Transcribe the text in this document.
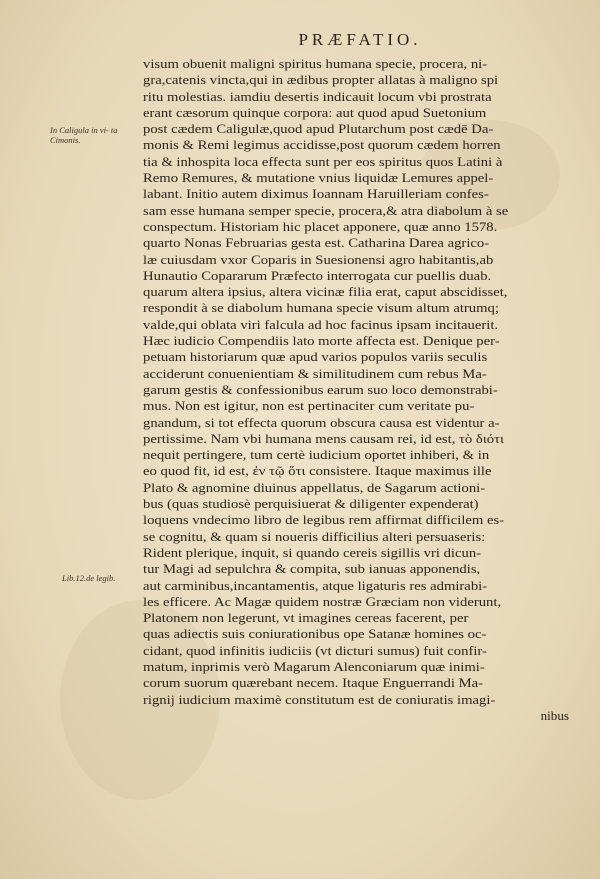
PRÆFATIO.
In Caligula in vi- ta Cimonis.
Lib.12.de legib.
visum obuenit maligni spiritus humana specie, procera, ni-
gra,catenis vincta,qui in ædibus propter allatas à maligno spi
ritu molestias. iamdiu desertis indicauit locum vbi prostrata
erant cæsorum quinque corpora: aut quod apud Suetonium
post cædem Caligulæ,quod apud Plutarchum post cædē Da-
monis & Remi legimus accidisse,post quorum cædem horren
tia & inhospita loca effecta sunt per eos spiritus quos Latini à
Remo Remures, & mutatione vnius liquidæ Lemures appel-
labant. Initio autem diximus Ioannam Haruilleriam confes-
sam esse humana semper specie, procera,& atra diabolum à se
conspectum. Historiam hic placet apponere, quæ anno 1578.
quarto Nonas Februarias gesta est. Catharina Darea agrico-
læ cuiusdam vxor Coparis in Suesionensi agro habitantis,ab
Hunautio Copararum Præfecto interrogata cur puellis duab.
quarum altera ipsius, altera vicinæ filia erat, caput abscidisset,
respondit à se diabolum humana specie visum altum atrumq;
valde,qui oblata viri falcula ad hoc facinus ipsam incitauerit.
Hæc iudicio Compendiis lato morte affecta est. Denique per-
petuam historiarum quæ apud varios populos variis seculis
acciderunt conuenientiam & similitudinem cum rebus Ma-
garum gestis & confessionibus earum suo loco demonstrabi-
mus. Non est igitur, non est pertinaciter cum veritate pu-
gnandum, si tot effecta quorum obscura causa est videntur a-
pertissime. Nam vbi humana mens causam rei, id est, τὸ διότι
nequit pertingere, tum certè iudicium oportet inhiberi, & in
eo quod fit, id est, ἐν τῷ ὅτι consistere. Itaque maximus ille
Plato & agnomine diuinus appellatus, de Sagarum actioni-
bus (quas studiosè perquisiuerat & diligenter expenderat)
loquens vndecimo libro de legibus rem affirmat difficilem es-
se cognitu, & quam si noueris difficilius alteri persuaseris:
Rident plerique, inquit, si quando cereis sigillis vri dicun-
tur Magi ad sepulchra & compita, sub ianuas apponendis,
aut carminibus,incantamentis, atque ligaturis res admirabi-
les efficere. Ac Magæ quidem nostræ Græciam non viderunt,
Platonem non legerunt, vt imagines cereas facerent, per
quas adiectis suis coniurationibus ope Satanæ homines oc-
cidant, quod infinitis iudiciis (vt dicturi sumus) fuit confir-
matum, inprimis verò Magarum Alenconiarum quæ inimi-
corum suorum quærebant necem. Itaque Enguerrandi Ma-
rignij iudicium maximè constitutum est de coniuratis imagi-
nibus
